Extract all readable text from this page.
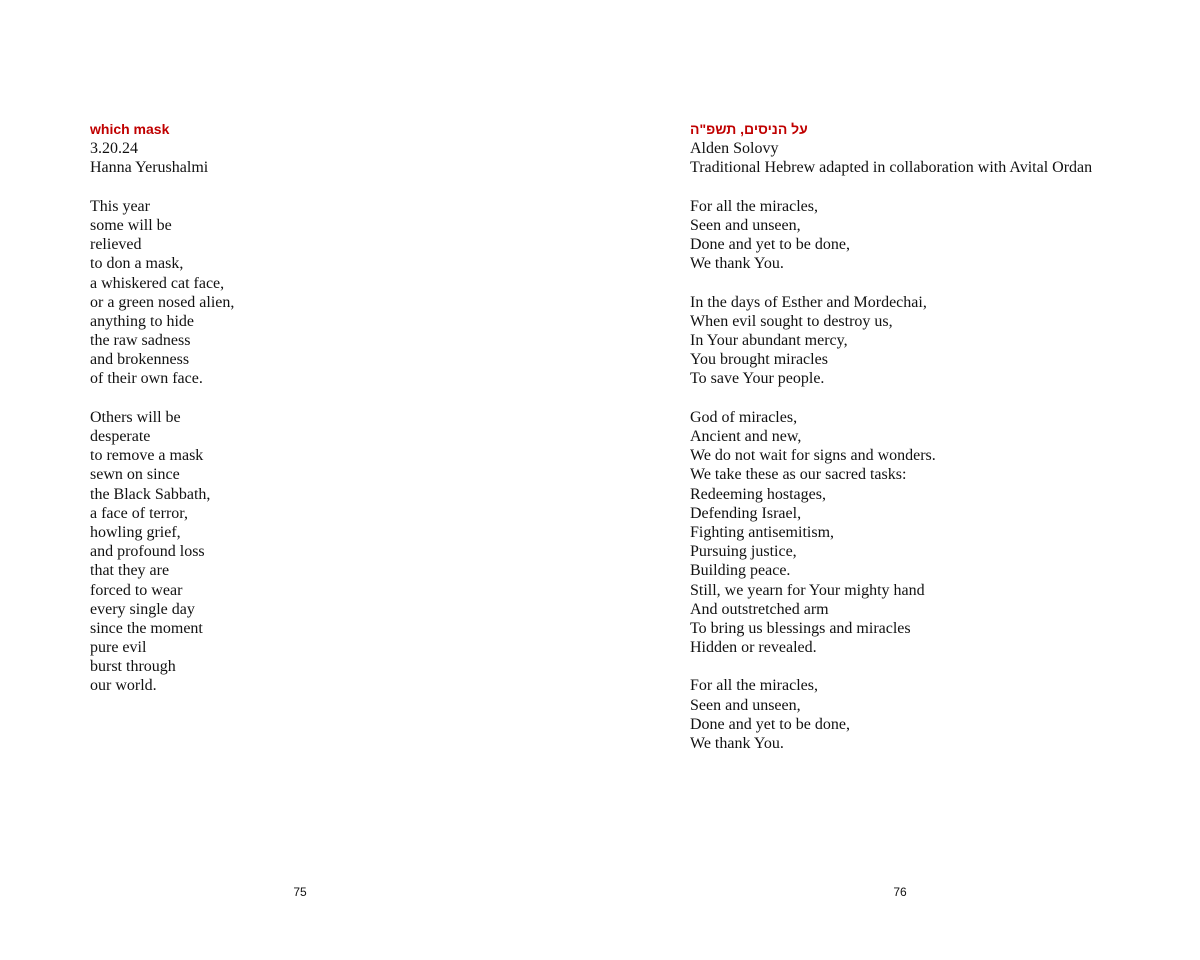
which mask
3.20.24
Hanna Yerushalmi
This year
some will be
relieved
to don a mask,
a whiskered cat face,
or a green nosed alien,
anything to hide
the raw sadness
and brokenness
of their own face.
Others will be
desperate
to remove a mask
sewn on since
the Black Sabbath,
a face of terror,
howling grief,
and profound loss
that they are
forced to wear
every single day
since the moment
pure evil
burst through
our world.
75
על הניסים, תשפ"ה
Alden Solovy
Traditional Hebrew adapted in collaboration with Avital Ordan
For all the miracles,
Seen and unseen,
Done and yet to be done,
We thank You.
In the days of Esther and Mordechai,
When evil sought to destroy us,
In Your abundant mercy,
You brought miracles
To save Your people.
God of miracles,
Ancient and new,
We do not wait for signs and wonders.
We take these as our sacred tasks:
Redeeming hostages,
Defending Israel,
Fighting antisemitism,
Pursuing justice,
Building peace.
Still, we yearn for Your mighty hand
And outstretched arm
To bring us blessings and miracles
Hidden or revealed.
For all the miracles,
Seen and unseen,
Done and yet to be done,
We thank You.
76
